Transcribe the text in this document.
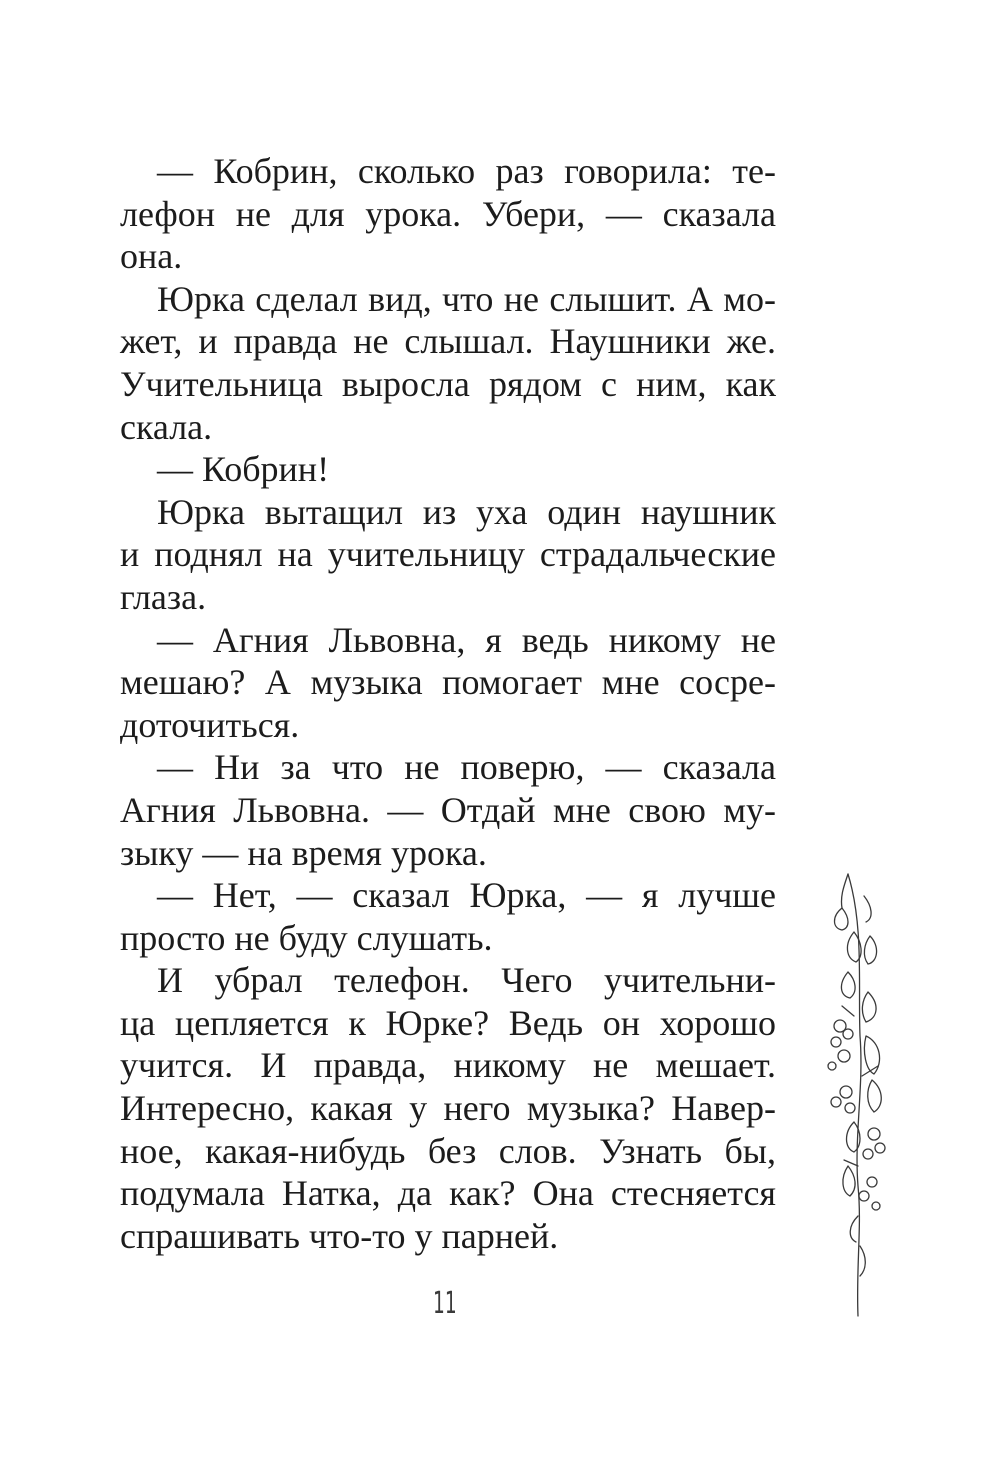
— Кобрин, сколько раз говорила: те-
лефон не для урока. Убери, — сказала
она.
Юрка сделал вид, что не слышит. А мо-
жет, и правда не слышал. Наушники же.
Учительница выросла рядом с ним, как
скала.
— Кобрин!
Юрка вытащил из уха один наушник
и поднял на учительницу страдальческие
глаза.
— Агния Львовна, я ведь никому не
мешаю? А музыка помогает мне сосре-
доточиться.
— Ни за что не поверю, — сказала
Агния Львовна. — Отдай мне свою му-
зыку — на время урока.
— Нет, — сказал Юрка, — я лучше
просто не буду слушать.
И убрал телефон. Чего учительни-
ца цепляется к Юрке? Ведь он хорошо
учится. И правда, никому не мешает.
Интересно, какая у него музыка? Навер-
ное, какая-нибудь без слов. Узнать бы,
подумала Натка, да как? Она стесняется
спрашивать что-то у парней.
11
